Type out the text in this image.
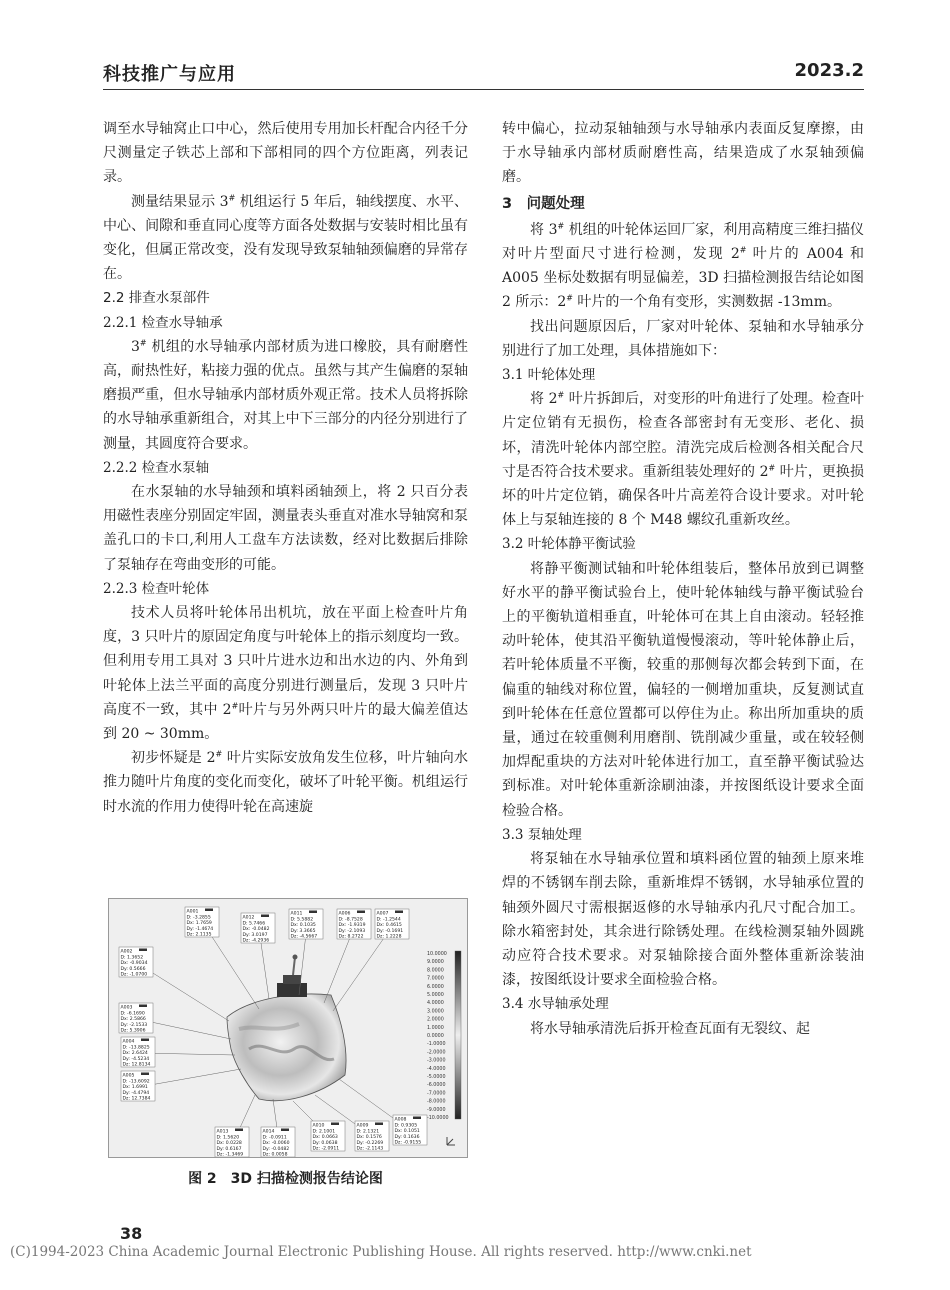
科技推广与应用	2023.2

调至水导轴窝止口中心，然后使用专用加长杆配合内径千分尺测量定子铁芯上部和下部相同的四个方位距离，列表记录。

测量结果显示 3# 机组运行 5 年后，轴线摆度、水平、中心、间隙和垂直同心度等方面各处数据与安装时相比虽有变化，但属正常改变，没有发现导致泵轴轴颈偏磨的异常存在。

2.2 排查水泵部件
2.2.1 检查水导轴承

3# 机组的水导轴承内部材质为进口橡胶，具有耐磨性高，耐热性好，粘接力强的优点。虽然与其产生偏磨的泵轴磨损严重，但水导轴承内部材质外观正常。技术人员将拆除的水导轴承重新组合，对其上中下三部分的内径分别进行了测量，其圆度符合要求。

2.2.2 检查水泵轴

在水泵轴的水导轴颈和填料函轴颈上，将 2 只百分表用磁性表座分别固定牢固，测量表头垂直对准水导轴窝和泵盖孔口的卡口,利用人工盘车方法读数，经对比数据后排除了泵轴存在弯曲变形的可能。

2.2.3 检查叶轮体

技术人员将叶轮体吊出机坑，放在平面上检查叶片角度，3 只叶片的原固定角度与叶轮体上的指示刻度均一致。但利用专用工具对 3 只叶片进水边和出水边的内、外角到叶轮体上法兰平面的高度分别进行测量后，发现 3 只叶片高度不一致，其中 2#叶片与另外两只叶片的最大偏差值达到 20 ~ 30mm。

初步怀疑是 2# 叶片实际安放角发生位移，叶片轴向水推力随叶片角度的变化而变化，破坏了叶轮平衡。机组运行时水流的作用力使得叶轮在高速旋

10.0000
9.0000
8.0000
7.0000
6.0000
5.0000
4.0000
3.0000
2.0000
1.0000
0.0000
-1.0000
-2.0000
-3.0000
-4.0000
-5.0000
-6.0000
-7.0000
-8.0000
-9.0000
-10.0000
A001
D: -3.2855
Dx: 1.7659
Dy: -1.4674
Dz: 2.1135
A012
D: 5.7466
Dx: -0.0482
Dy: 3.0197
Dz: -4.2936
A011
D: 5.5882
Dx: 0.1035
Dy: 3.3665
Dz: -4.5667
A006
D: -8.7528
Dx: -1.9319
Dy: -2.1093
Dz: 8.2722
A007
D: -1.2544
Dx: 0.4615
Dy: -0.1691
Dz: 1.2228
A002
D: 1.3652
Dx: -0.9034
Dy: 0.5666
Dz: -1.0700
A003
D: -6.1690
Dx: 2.5866
Dy: -2.1533
Dz: 5.3906
A004
D: -13.8825
Dx: 2.6424
Dy: -4.5234
Dz: 12.8134
A005
D: -13.6092
Dx: 1.6991
Dy: -4.4794
Dz: 12.7384
A013
D: 1.5620
Dx: 0.0228
Dy: 0.6167
Dz: -1.3469
A014
D: -0.0911
Dx: -0.0060
Dy: -0.0482
Dz: 0.0058
A010
D: 2.1001
Dx: 0.0663
Dy: 0.0638
Dz: -2.0911
A009
D: 2.1321
Dx: 0.1576
Dy: -0.2269
Dz: -2.1143
A008
D: 0.9305
Dx: 0.1051
Dy: 0.1636
Dz: -0.9155
图 2　3D 扫描检测报告结论图

转中偏心，拉动泵轴轴颈与水导轴承内表面反复摩擦，由于水导轴承内部材质耐磨性高，结果造成了水泵轴颈偏磨。

3　问题处理

将 3# 机组的叶轮体运回厂家，利用高精度三维扫描仪对叶片型面尺寸进行检测，发现 2# 叶片的 A004 和 A005 坐标处数据有明显偏差，3D 扫描检测报告结论如图 2 所示：2# 叶片的一个角有变形，实测数据 -13mm。

找出问题原因后，厂家对叶轮体、泵轴和水导轴承分别进行了加工处理，具体措施如下：

3.1 叶轮体处理

将 2# 叶片拆卸后，对变形的叶角进行了处理。检查叶片定位销有无损伤，检查各部密封有无变形、老化、损坏，清洗叶轮体内部空腔。清洗完成后检测各相关配合尺寸是否符合技术要求。重新组装处理好的 2# 叶片，更换损坏的叶片定位销，确保各叶片高差符合设计要求。对叶轮体上与泵轴连接的 8 个 M48 螺纹孔重新攻丝。

3.2 叶轮体静平衡试验

将静平衡测试轴和叶轮体组装后，整体吊放到已调整好水平的静平衡试验台上，使叶轮体轴线与静平衡试验台上的平衡轨道相垂直，叶轮体可在其上自由滚动。轻轻推动叶轮体，使其沿平衡轨道慢慢滚动，等叶轮体静止后，若叶轮体质量不平衡，较重的那侧每次都会转到下面，在偏重的轴线对称位置，偏轻的一侧增加重块，反复测试直到叶轮体在任意位置都可以停住为止。称出所加重块的质量，通过在较重侧利用磨削、铣削减少重量，或在较轻侧加焊配重块的方法对叶轮体进行加工，直至静平衡试验达到标准。对叶轮体重新涂刷油漆，并按图纸设计要求全面检验合格。

3.3 泵轴处理

将泵轴在水导轴承位置和填料函位置的轴颈上原来堆焊的不锈钢车削去除，重新堆焊不锈钢，水导轴承位置的轴颈外圆尺寸需根据返修的水导轴承内孔尺寸配合加工。除水箱密封处，其余进行除锈处理。在线检测泵轴外圆跳动应符合技术要求。对泵轴除接合面外整体重新涂装油漆，按图纸设计要求全面检验合格。

3.4 水导轴承处理

将水导轴承清洗后拆开检查瓦面有无裂纹、起

38
(C)1994-2023 China Academic Journal Electronic Publishing House. All rights reserved. http://www.cnki.net
